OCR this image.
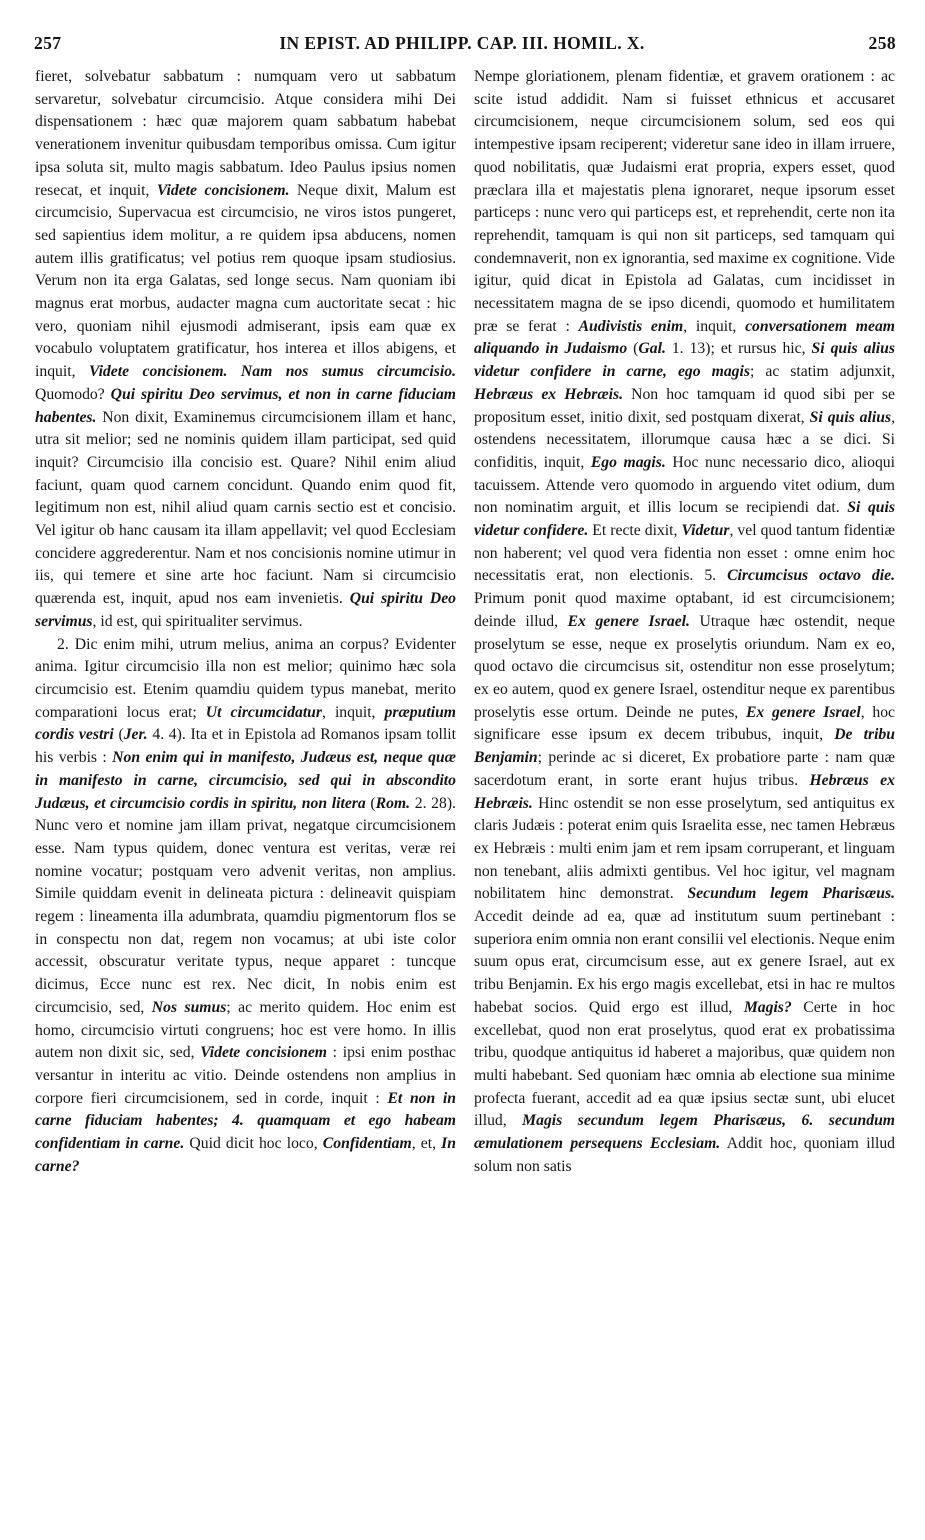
257	IN EPIST. AD PHILIPP. CAP. III. HOMIL. X.	258

fieret, solvebatur sabbatum : numquam vero ut sabbatum servaretur, solvebatur circumcisio. Atque considera mihi Dei dispensationem : hæc quæ majorem quam sabbatum habebat venerationem invenitur quibusdam temporibus omissa. Cum igitur ipsa soluta sit, multo magis sabbatum. Ideo Paulus ipsius nomen resecat, et inquit, Videte concisionem. Neque dixit, Malum est circumcisio, Supervacua est circumcisio, ne viros istos pungeret, sed sapientius idem molitur, a re quidem ipsa abducens, nomen autem illis gratificatus; vel potius rem quoque ipsam studiosius. Verum non ita erga Galatas, sed longe secus. Nam quoniam ibi magnus erat morbus, audacter magna cum auctoritate secat : hic vero, quoniam nihil ejusmodi admiserant, ipsis eam quæ ex vocabulo voluptatem gratificatur, hos interea et illos abigens, et inquit, Videte concisionem. Nam nos sumus circumcisio. Quomodo? Qui spiritu Deo servimus, et non in carne fiduciam habentes. Non dixit, Examinemus circumcisionem illam et hanc, utra sit melior; sed ne nominis quidem illam participat, sed quid inquit? Circumcisio illa concisio est. Quare? Nihil enim aliud faciunt, quam quod carnem concidunt. Quando enim quod fit, legitimum non est, nihil aliud quam carnis sectio est et concisio. Vel igitur ob hanc causam ita illam appellavit; vel quod Ecclesiam concidere aggrederentur. Nam et nos concisionis nomine utimur in iis, qui temere et sine arte hoc faciunt. Nam si circumcisio quærenda est, inquit, apud nos eam invenietis. Qui spiritu Deo servimus, id est, qui spiritualiter servimus.

2. Dic enim mihi, utrum melius, anima an corpus? Evidenter anima. Igitur circumcisio illa non est melior; quinimo hæc sola circumcisio est. Etenim quamdiu quidem typus manebat, merito comparationi locus erat; Ut circumcidatur, inquit, præputium cordis vestri (Jer. 4. 4). Ita et in Epistola ad Romanos ipsam tollit his verbis : Non enim qui in manifesto, Judæus est, neque quæ in manifesto in carne, circumcisio, sed qui in abscondito Judæus, et circumcisio cordis in spiritu, non litera (Rom. 2. 28). Nunc vero et nomine jam illam privat, negatque circumcisionem esse. Nam typus quidem, donec ventura est veritas, veræ rei nomine vocatur; postquam vero advenit veritas, non amplius. Simile quiddam evenit in delineata pictura : delineavit quispiam regem : lineamenta illa adumbrata, quamdiu pigmentorum flos se in conspectu non dat, regem non vocamus; at ubi iste color accessit, obscuratur veritate typus, neque apparet : tuncque dicimus, Ecce nunc est rex. Nec dicit, In nobis enim est circumcisio, sed, Nos sumus; ac merito quidem. Hoc enim est homo, circumcisio virtuti congruens; hoc est vere homo. In illis autem non dixit sic, sed, Videte concisionem : ipsi enim posthac versantur in interitu ac vitio. Deinde ostendens non amplius in corpore fieri circumcisionem, sed in corde, inquit : Et non in carne fiduciam habentes; 4. quamquam et ego habeam confidentiam in carne. Quid dicit hoc loco, Confidentiam, et, In carne?

Nempe gloriationem, plenam fidentiæ, et gravem orationem : ac scite istud addidit. Nam si fuisset ethnicus et accusaret circumcisionem, neque circumcisionem solum, sed eos qui intempestive ipsam reciperent; videretur sane ideo in illam irruere, quod nobilitatis, quæ Judaismi erat propria, expers esset, quod præclara illa et majestatis plena ignoraret, neque ipsorum esset particeps : nunc vero qui particeps est, et reprehendit, certe non ita reprehendit, tamquam is qui non sit particeps, sed tamquam qui condemnaverit, non ex ignorantia, sed maxime ex cognitione. Vide igitur, quid dicat in Epistola ad Galatas, cum incidisset in necessitatem magna de se ipso dicendi, quomodo et humilitatem præ se ferat : Audivistis enim, inquit, conversationem meam aliquando in Judaismo (Gal. 1. 13); et rursus hic, Si quis alius videtur confidere in carne, ego magis; ac statim adjunxit, Hebræus ex Hebræis. Non hoc tamquam id quod sibi per se propositum esset, initio dixit, sed postquam dixerat, Si quis alius, ostendens necessitatem, illorumque causa hæc a se dici. Si confiditis, inquit, Ego magis. Hoc nunc necessario dico, alioqui tacuissem. Attende vero quomodo in arguendo vitet odium, dum non nominatim arguit, et illis locum se recipiendi dat. Si quis videtur confidere. Et recte dixit, Videtur, vel quod tantum fidentiæ non haberent; vel quod vera fidentia non esset : omne enim hoc necessitatis erat, non electionis. 5. Circumcisus octavo die. Primum ponit quod maxime optabant, id est circumcisionem; deinde illud, Ex genere Israel. Utraque hæc ostendit, neque proselytum se esse, neque ex proselytis oriundum. Nam ex eo, quod octavo die circumcisus sit, ostenditur non esse proselytum; ex eo autem, quod ex genere Israel, ostenditur neque ex parentibus proselytis esse ortum. Deinde ne putes, Ex genere Israel, hoc significare esse ipsum ex decem tribubus, inquit, De tribu Benjamin; perinde ac si diceret, Ex probatiore parte : nam quæ sacerdotum erant, in sorte erant hujus tribus. Hebræus ex Hebræis. Hinc ostendit se non esse proselytum, sed antiquitus ex claris Judæis : poterat enim quis Israelita esse, nec tamen Hebræus ex Hebræis : multi enim jam et rem ipsam corruperant, et linguam non tenebant, aliis admixti gentibus. Vel hoc igitur, vel magnam nobilitatem hinc demonstrat. Secundum legem Pharisæus. Accedit deinde ad ea, quæ ad institutum suum pertinebant : superiora enim omnia non erant consilii vel electionis. Neque enim suum opus erat, circumcisum esse, aut ex genere Israel, aut ex tribu Benjamin. Ex his ergo magis excellebat, etsi in hac re multos habebat socios. Quid ergo est illud, Magis? Certe in hoc excellebat, quod non erat proselytus, quod erat ex probatissima tribu, quodque antiquitus id haberet a majoribus, quæ quidem non multi habebant. Sed quoniam hæc omnia ab electione sua minime profecta fuerant, accedit ad ea quæ ipsius sectæ sunt, ubi elucet illud, Magis secundum legem Pharisæus, 6. secundum æmulationem persequens Ecclesiam. Addit hoc, quoniam illud solum non satis
